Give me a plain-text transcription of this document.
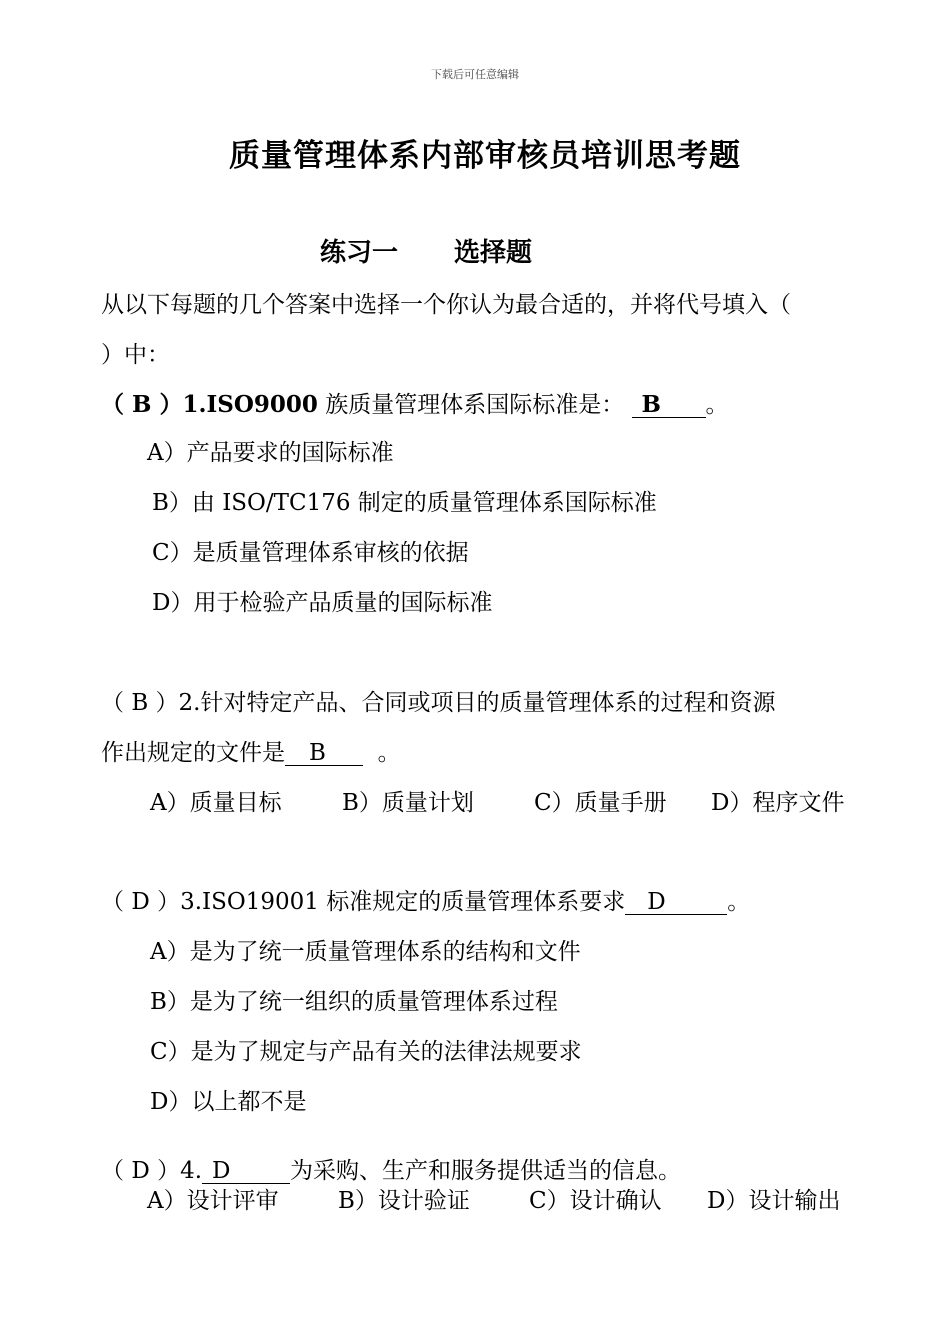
下载后可任意编辑
质量管理体系内部审核员培训思考题
练习一 选择题
从以下每题的几个答案中选择一个你认为最合适的，并将代号填入（
）中：
（ B ）1.ISO9000 族质量管理体系国际标准是： B 。
A）产品要求的国际标准
B）由 ISO/TC176 制定的质量管理体系国际标准
C）是质量管理体系审核的依据
D）用于检验产品质量的国际标准
（ B ）2.针对特定产品、合同或项目的质量管理体系的过程和资源
作出规定的文件是 B 。
A）质量目标	B）质量计划	C）质量手册 D）程序文件
（ D ）3.ISO19001 标准规定的质量管理体系要求 D	。
A）是为了统一质量管理体系的结构和文件
B）是为了统一组织的质量管理体系过程
C）是为了规定与产品有关的法律法规要求
D）以上都不是
（ D ）4. D	为采购、生产和服务提供适当的信息。
A）设计评审	B）设计验证	C）设计确认 D）设计输出
